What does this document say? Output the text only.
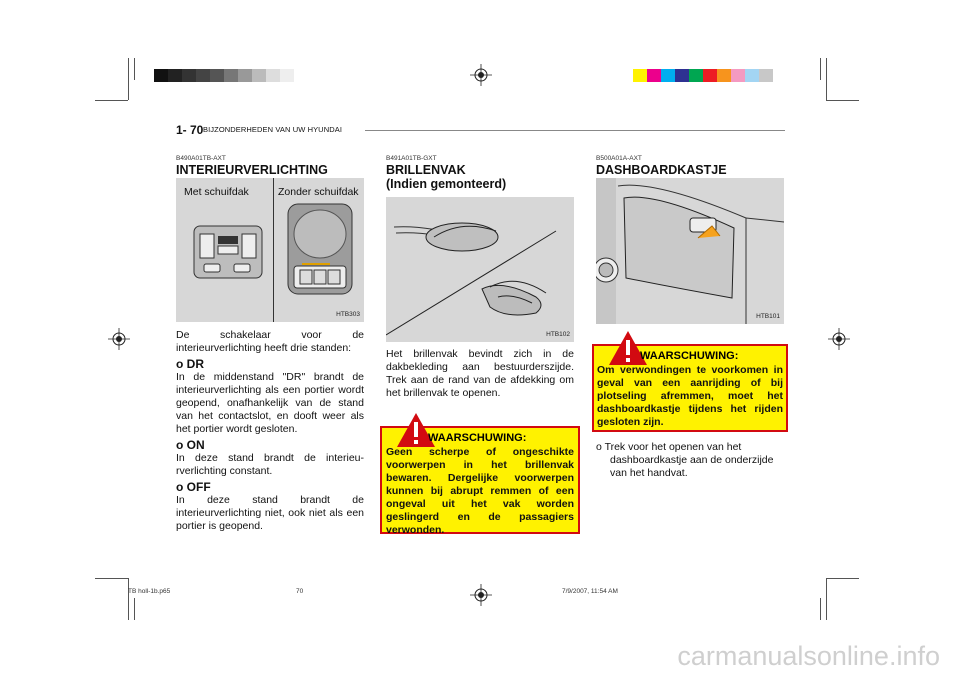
1- 70 BIJZONDERHEDEN VAN UW HYUNDAI
B490A01TB-AXT
INTERIEURVERLICHTING
Met schuifdak	Zonder schuifdak
HTB303
De schakelaar voor de interieurverlichting heeft drie standen:
o DR
In de middenstand "DR" brandt de interieurverlichting als een portier wordt geopend, onafhankelijk van de stand van het contactslot, en dooft weer als het portier wordt gesloten.
o ON
In deze stand brandt de interieu- rverlichting constant.
o OFF
In deze stand brandt de interieurverlichting niet, ook niet als een portier is geopend.
B491A01TB-GXT
BRILLENVAK
(Indien gemonteerd)
HTB102
Het brillenvak bevindt zich in de dakbekleding aan bestuurderszijde. Trek aan de rand van de afdekking om het brillenvak te openen.
WAARSCHUWING:
Geen scherpe of ongeschikte voorwerpen in het brillenvak bewaren. Dergelijke voorwerpen kunnen bij abrupt remmen of een ongeval uit het vak worden geslingerd en de passagiers verwonden.
B500A01A-AXT
DASHBOARDKASTJE
HTB101
WAARSCHUWING:
Om verwondingen te voorkomen in geval van een aanrijding of bij plotseling afremmen, moet het dashboardkastje tijdens het rijden gesloten zijn.
o Trek voor het openen van het dashboardkastje aan de onderzijde van het handvat.
TB holl-1b.p65	70	7/9/2007, 11:54 AM
carmanualsonline.info
